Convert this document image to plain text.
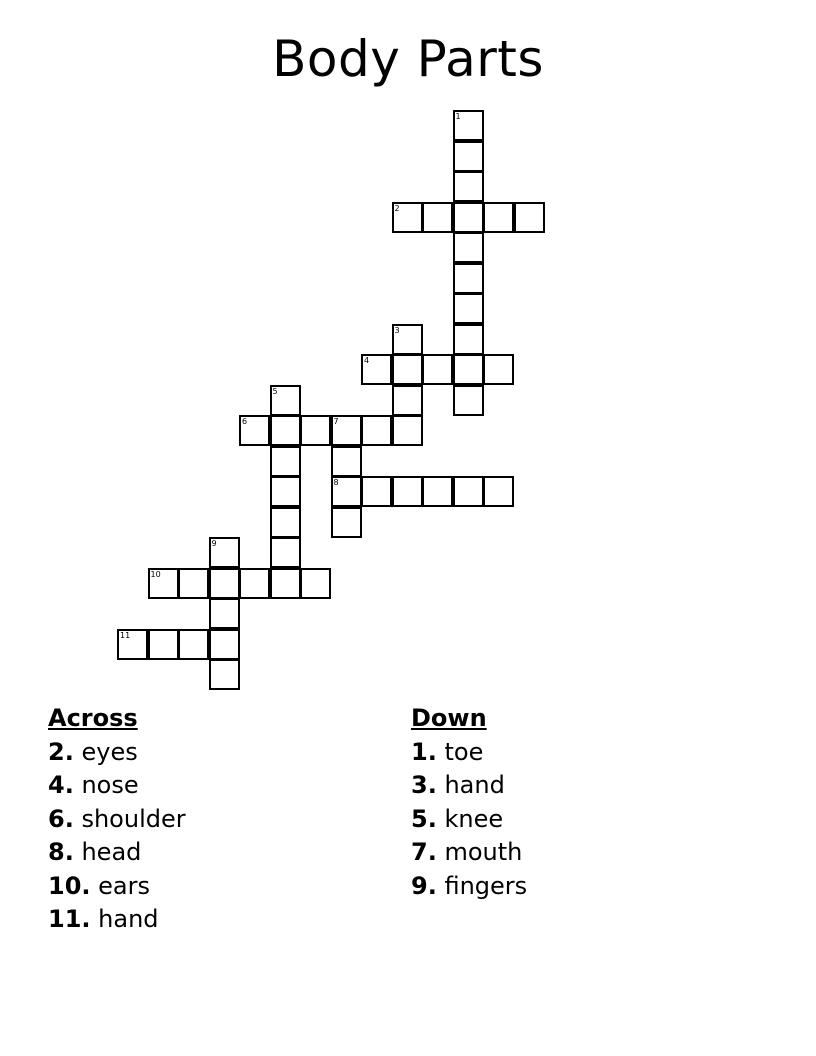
Body Parts
1
2
3
4
5
6	7
8
9
10
11
Across
2. eyes
4. nose
6. shoulder
8. head
10. ears
11. hand
Down
1. toe
3. hand
5. knee
7. mouth
9. fingers
